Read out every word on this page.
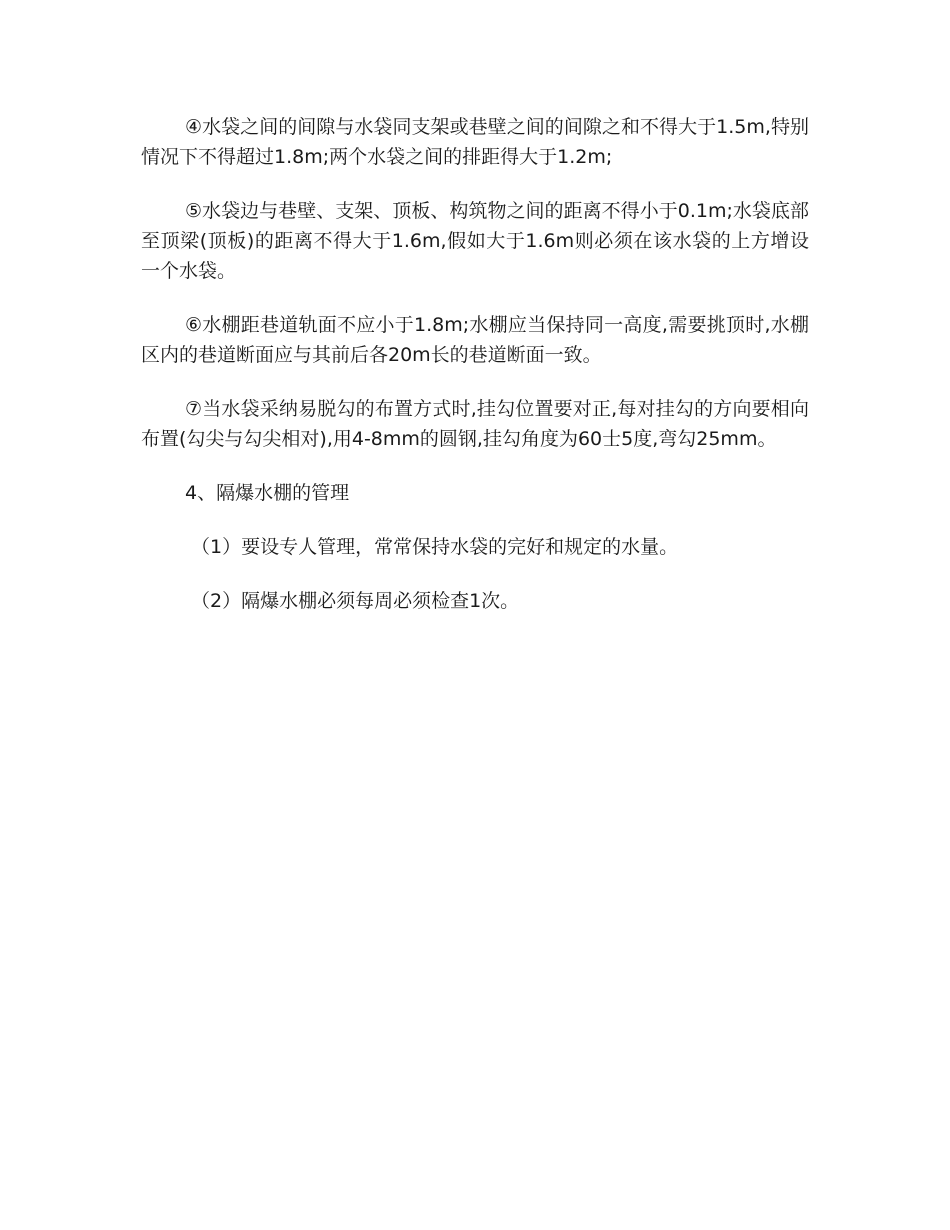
④水袋之间的间隙与水袋同支架或巷壁之间的间隙之和不得大于1.5m,特别情况下不得超过1.8m;两个水袋之间的排距得大于1.2m;

⑤水袋边与巷壁、支架、顶板、构筑物之间的距离不得小于0.1m;水袋底部至顶梁(顶板)的距离不得大于1.6m,假如大于1.6m则必须在该水袋的上方增设一个水袋。

⑥水棚距巷道轨面不应小于1.8m;水棚应当保持同一高度,需要挑顶时,水棚区内的巷道断面应与其前后各20m长的巷道断面一致。

⑦当水袋采纳易脱勾的布置方式时,挂勾位置要对正,每对挂勾的方向要相向布置(勾尖与勾尖相对),用4-8mm的圆钢,挂勾角度为60士5度,弯勾25mm。

4、隔爆水棚的管理

（1）要设专人管理，常常保持水袋的完好和规定的水量。

（2）隔爆水棚必须每周必须检查1次。
